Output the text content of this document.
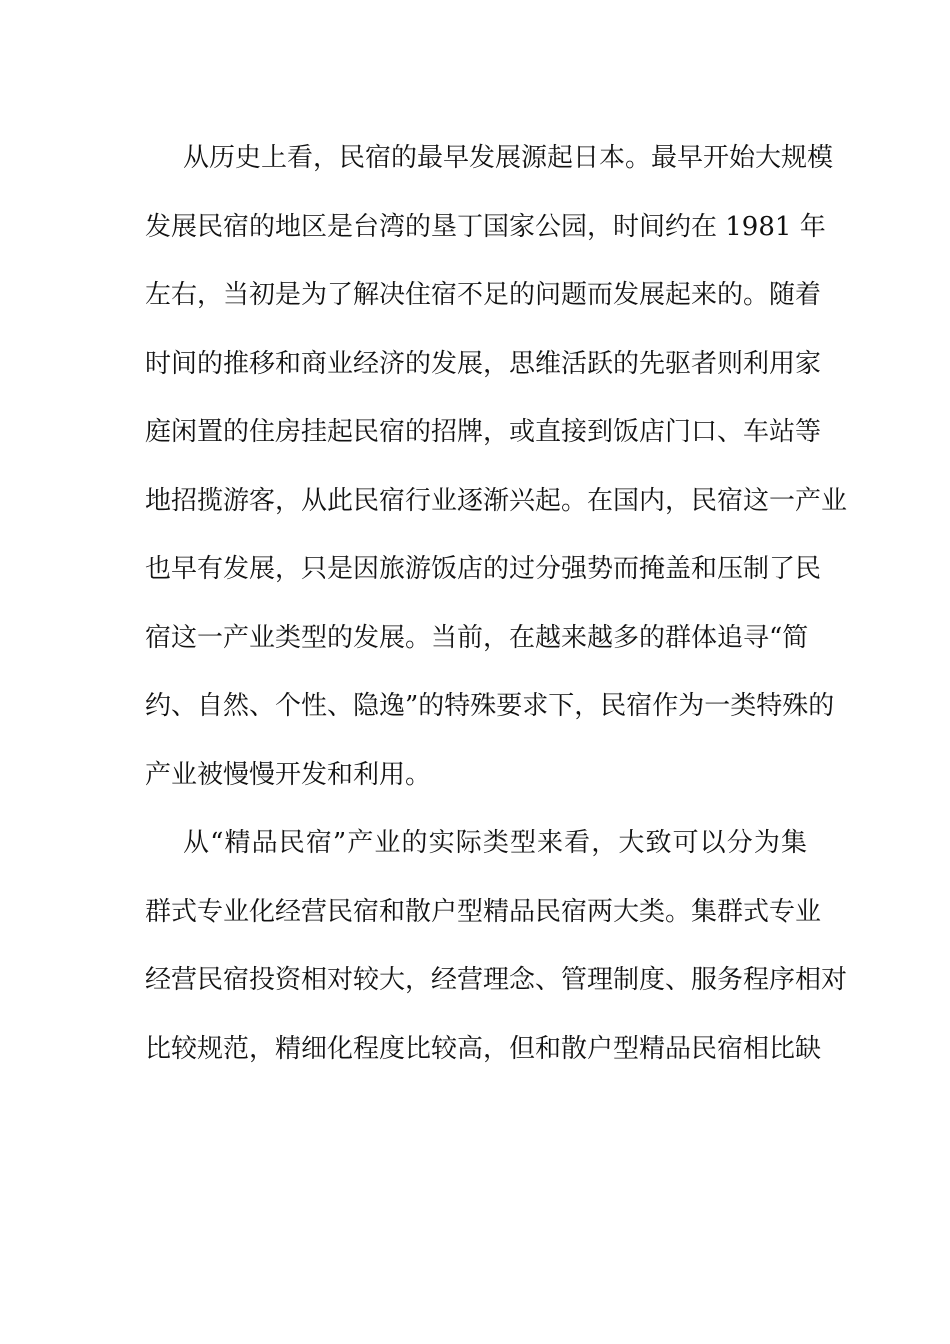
从历史上看，民宿的最早发展源起日本。最早开始大规模
发展民宿的地区是台湾的垦丁国家公园，时间约在 1981 年
左右，当初是为了解决住宿不足的问题而发展起来的。随着
时间的推移和商业经济的发展，思维活跃的先驱者则利用家
庭闲置的住房挂起民宿的招牌，或直接到饭店门口、车站等
地招揽游客，从此民宿行业逐渐兴起。在国内，民宿这一产业
也早有发展，只是因旅游饭店的过分强势而掩盖和压制了民
宿这一产业类型的发展。当前，在越来越多的群体追寻“简
约、自然、个性、隐逸”的特殊要求下，民宿作为一类特殊的
产业被慢慢开发和利用。

从“精品民宿”产业的实际类型来看，大致可以分为集
群式专业化经营民宿和散户型精品民宿两大类。集群式专业
经营民宿投资相对较大，经营理念、管理制度、服务程序相对
比较规范，精细化程度比较高，但和散户型精品民宿相比缺
